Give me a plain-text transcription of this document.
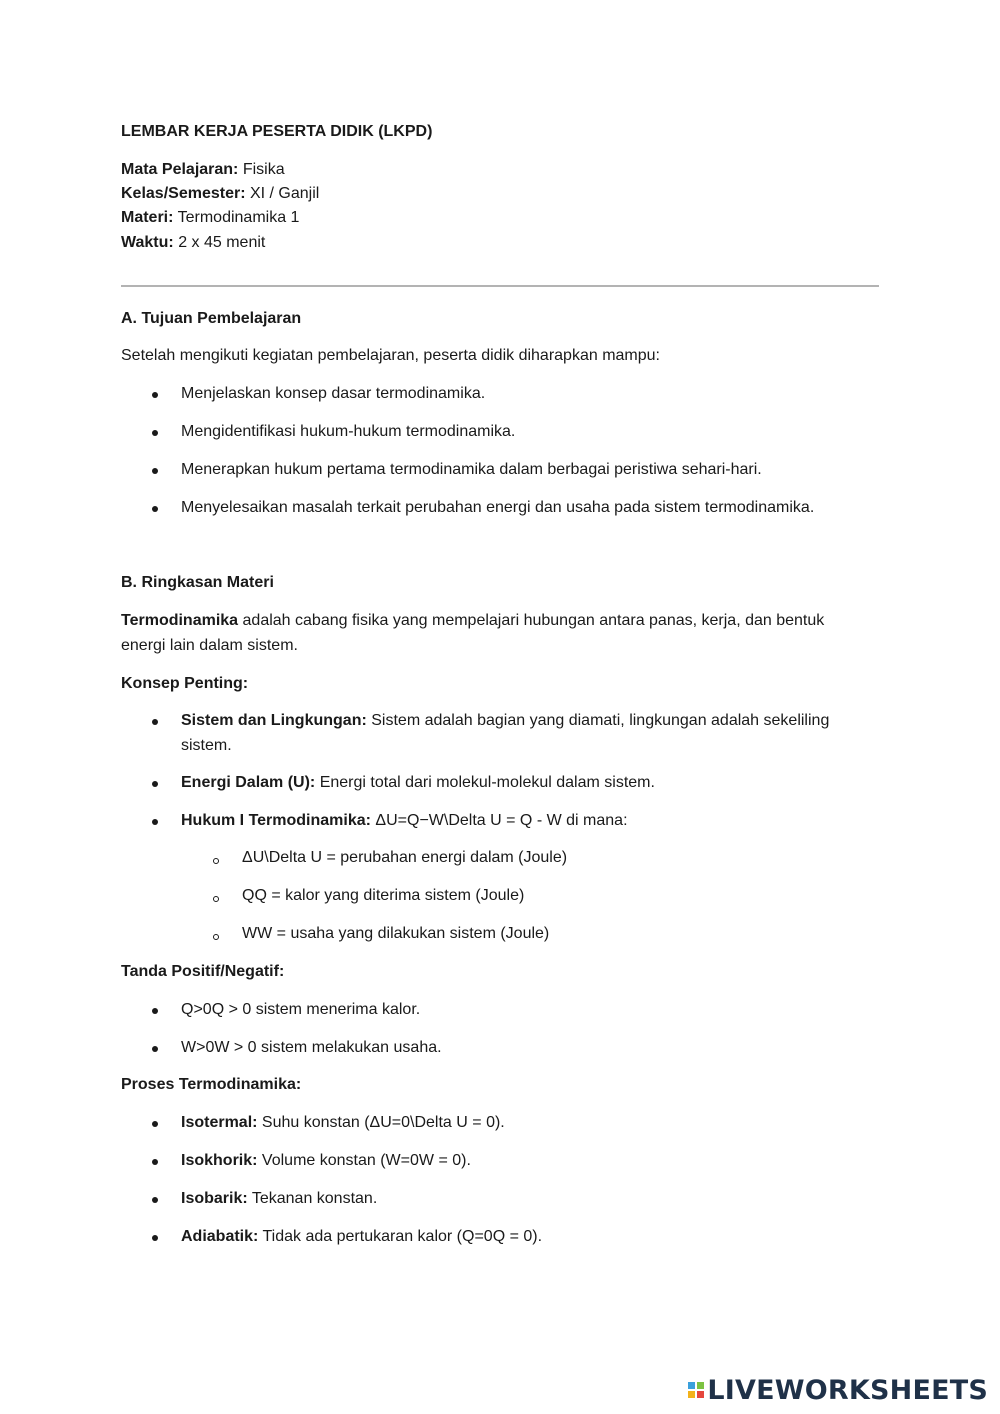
LEMBAR KERJA PESERTA DIDIK (LKPD)
Mata Pelajaran: Fisika
Kelas/Semester: XI / Ganjil
Materi: Termodinamika 1
Waktu: 2 x 45 menit
A. Tujuan Pembelajaran
Setelah mengikuti kegiatan pembelajaran, peserta didik diharapkan mampu:
Menjelaskan konsep dasar termodinamika.
Mengidentifikasi hukum-hukum termodinamika.
Menerapkan hukum pertama termodinamika dalam berbagai peristiwa sehari-hari.
Menyelesaikan masalah terkait perubahan energi dan usaha pada sistem termodinamika.
B. Ringkasan Materi
Termodinamika adalah cabang fisika yang mempelajari hubungan antara panas, kerja, dan bentuk energi lain dalam sistem.
Konsep Penting:
Sistem dan Lingkungan: Sistem adalah bagian yang diamati, lingkungan adalah sekeliling sistem.
Energi Dalam (U): Energi total dari molekul-molekul dalam sistem.
Hukum I Termodinamika: ΔU=Q−W\Delta U = Q - W di mana:
ΔU\Delta U = perubahan energi dalam (Joule)
QQ = kalor yang diterima sistem (Joule)
WW = usaha yang dilakukan sistem (Joule)
Tanda Positif/Negatif:
Q>0Q > 0 sistem menerima kalor.
W>0W > 0 sistem melakukan usaha.
Proses Termodinamika:
Isotermal: Suhu konstan (ΔU=0\Delta U = 0).
Isokhorik: Volume konstan (W=0W = 0).
Isobarik: Tekanan konstan.
Adiabatik: Tidak ada pertukaran kalor (Q=0Q = 0).
LIVEWORKSHEETS
